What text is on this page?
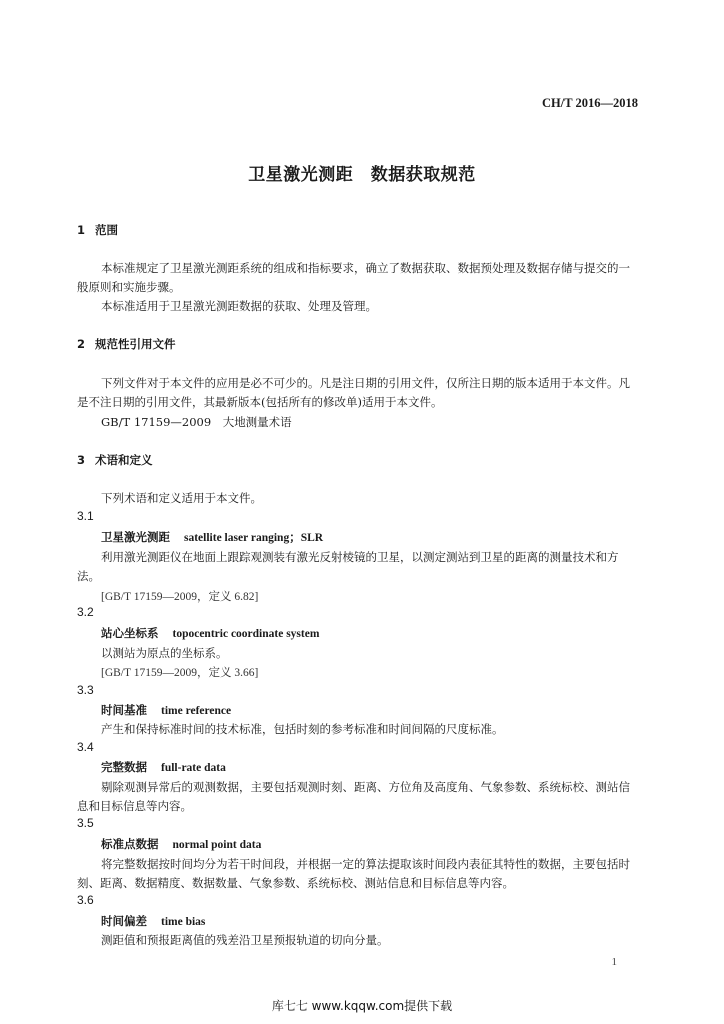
CH/T 2016—2018
卫星激光测距　数据获取规范
1 范围

本标准规定了卫星激光测距系统的组成和指标要求，确立了数据获取、数据预处理及数据存储与提交的一般原则和实施步骤。

本标准适用于卫星激光测距数据的获取、处理及管理。

2 规范性引用文件

下列文件对于本文件的应用是必不可少的。凡是注日期的引用文件，仅所注日期的版本适用于本文件。凡是不注日期的引用文件，其最新版本(包括所有的修改单)适用于本文件。

GB/T 17159—2009　大地测量术语
3 术语和定义
下列术语和定义适用于本文件。
3.1
卫星激光测距 satellite laser ranging；SLR

利用激光测距仪在地面上跟踪观测装有激光反射棱镜的卫星，以测定测站到卫星的距离的测量技术和方法。

[GB/T 17159—2009，定义 6.82]
3.2
站心坐标系 topocentric coordinate system
以测站为原点的坐标系。
[GB/T 17159—2009，定义 3.66]
3.3
时间基准 time reference
产生和保持标准时间的技术标准，包括时刻的参考标准和时间间隔的尺度标准。
3.4
完整数据 full-rate data

剔除观测异常后的观测数据，主要包括观测时刻、距离、方位角及高度角、气象参数、系统标校、测站信息和目标信息等内容。

3.5
标准点数据 normal point data

将完整数据按时间均分为若干时间段，并根据一定的算法提取该时间段内表征其特性的数据，主要包括时刻、距离、数据精度、数据数量、气象参数、系统标校、测站信息和目标信息等内容。

3.6
时间偏差 time bias
测距值和预报距离值的残差沿卫星预报轨道的切向分量。
1
库七七 www.kqqw.com提供下载
